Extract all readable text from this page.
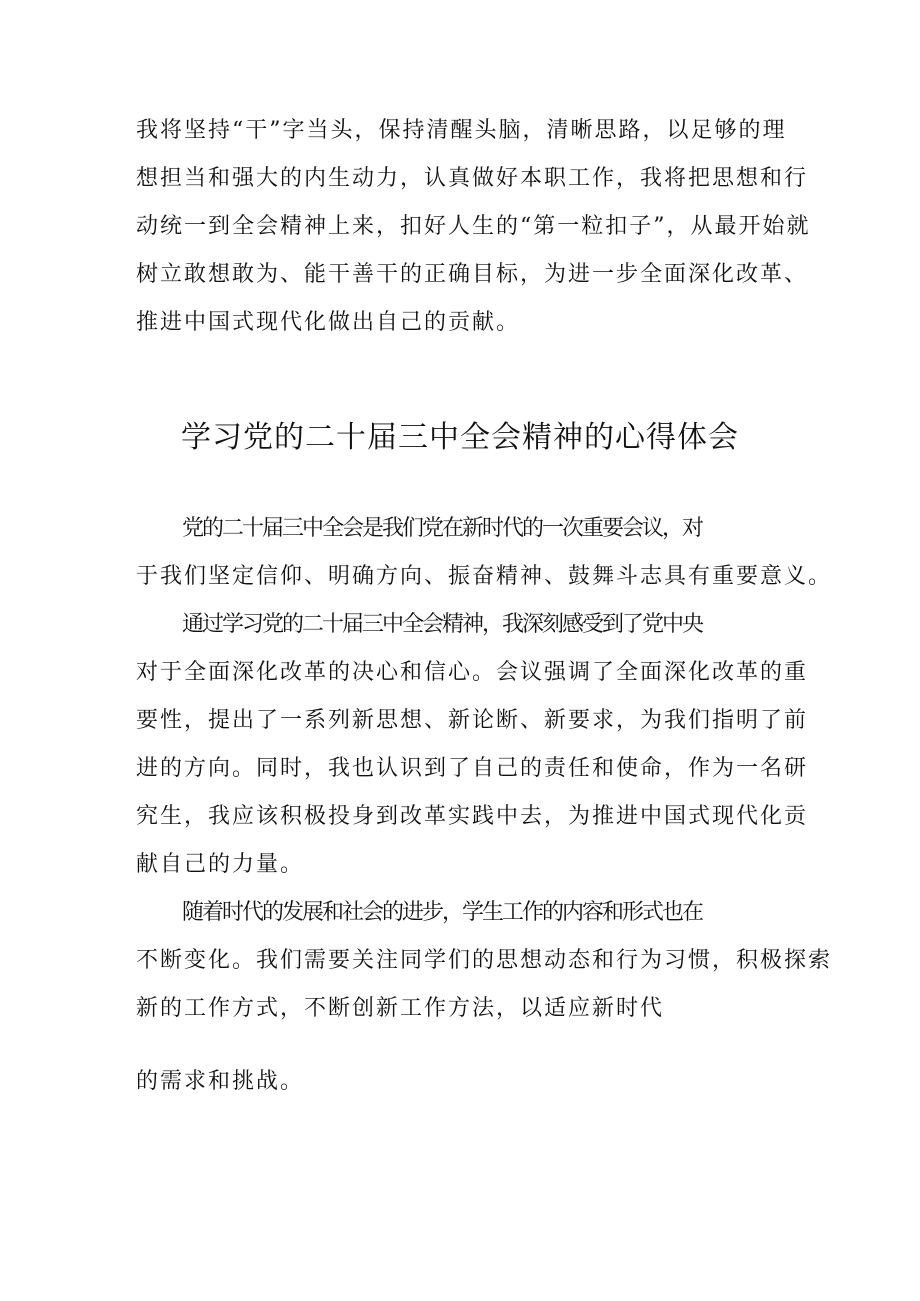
我将坚持“干”字当头，保持清醒头脑，清晰思路，以足够的理

想担当和强大的内生动力，认真做好本职工作，我将把思想和行

动统一到全会精神上来，扣好人生的“第一粒扣子”，从最开始就

树立敢想敢为、能干善干的正确目标，为进一步全面深化改革、

推进中国式现代化做出自己的贡献。

学习党的二十届三中全会精神的心得体会

党的二十届三中全会是我们党在新时代的一次重要会议，对

于我们坚定信仰、明确方向、振奋精神、鼓舞斗志具有重要意义。

通过学习党的二十届三中全会精神，我深刻感受到了党中央

对于全面深化改革的决心和信心。会议强调了全面深化改革的重

要性，提出了一系列新思想、新论断、新要求，为我们指明了前

进的方向。同时，我也认识到了自己的责任和使命，作为一名研

究生，我应该积极投身到改革实践中去，为推进中国式现代化贡

献自己的力量。

随着时代的发展和社会的进步，学生工作的内容和形式也在

不断变化。我们需要关注同学们的思想动态和行为习惯，积极探索

新的工作方式，不断创新工作方法，以适应新时代

的需求和挑战。
